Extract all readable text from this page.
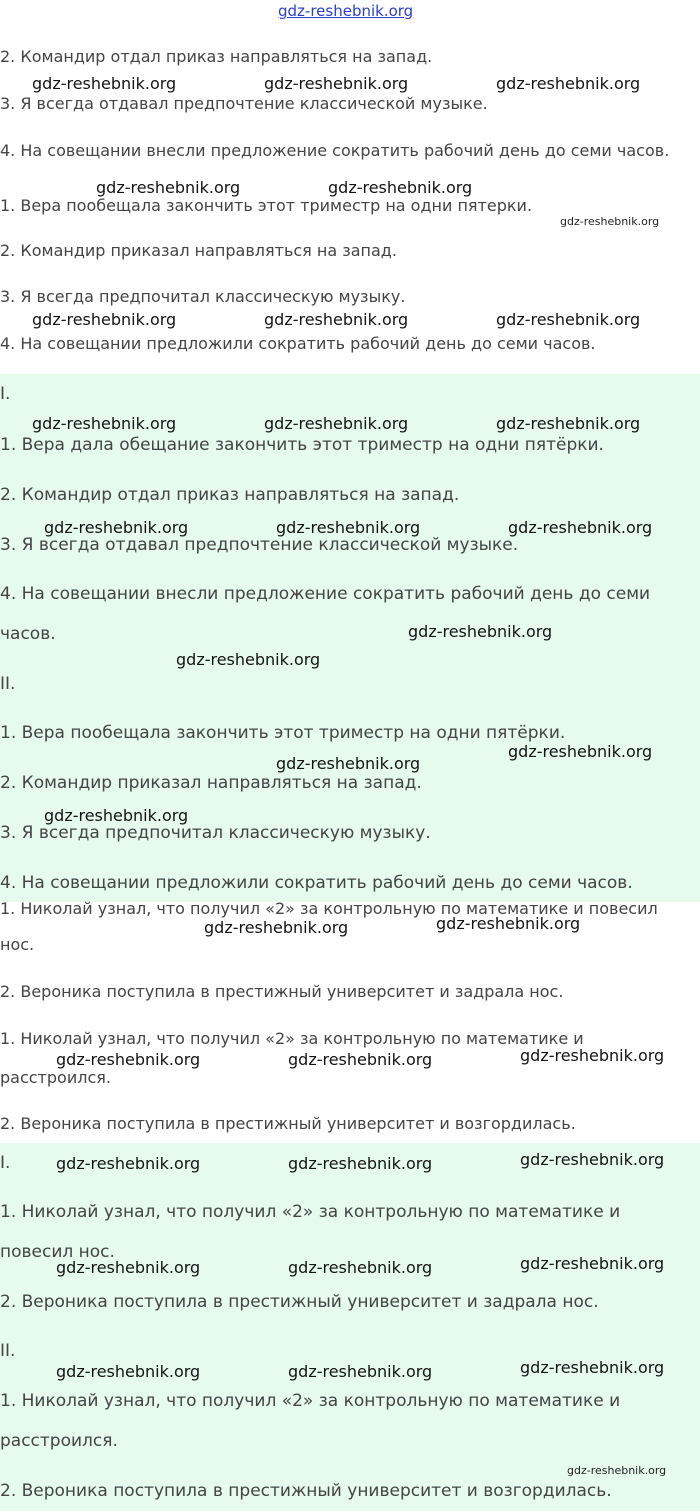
gdz-reshebnik.org
2. Командир отдал приказ направляться на запад.
3. Я всегда отдавал предпочтение классической музыке.
4. На совещании внесли предложение сократить рабочий день до семи часов.
1. Вера пообещала закончить этот триместр на одни пятерки.
2. Командир приказал направляться на запад.
3. Я всегда предпочитал классическую музыку.
4. На совещании предложили сократить рабочий день до семи часов.
I.
1. Вера дала обещание закончить этот триместр на одни пятёрки.
2. Командир отдал приказ направляться на запад.
3. Я всегда отдавал предпочтение классической музыке.
4. На совещании внесли предложение сократить рабочий день до семи
часов.
II.
1. Вера пообещала закончить этот триместр на одни пятёрки.
2. Командир приказал направляться на запад.
3. Я всегда предпочитал классическую музыку.
4. На совещании предложили сократить рабочий день до семи часов.
1. Николай узнал, что получил «2» за контрольную по математике и повесил
нос.
2. Вероника поступила в престижный университет и задрала нос.
1. Николай узнал, что получил «2» за контрольную по математике и
расстроился.
2. Вероника поступила в престижный университет и возгордилась.
I.
1. Николай узнал, что получил «2» за контрольную по математике и
повесил нос.
2. Вероника поступила в престижный университет и задрала нос.
II.
1. Николай узнал, что получил «2» за контрольную по математике и
расстроился.
2. Вероника поступила в престижный университет и возгордилась.
gdz-reshebnik.org	gdz-reshebnik.org	gdz-reshebnik.org
gdz-reshebnik.org	gdz-reshebnik.org
gdz-reshebnik.org
gdz-reshebnik.org	gdz-reshebnik.org	gdz-reshebnik.org
gdz-reshebnik.org	gdz-reshebnik.org	gdz-reshebnik.org
gdz-reshebnik.org	gdz-reshebnik.org	gdz-reshebnik.org
gdz-reshebnik.org
gdz-reshebnik.org
gdz-reshebnik.org
gdz-reshebnik.org
gdz-reshebnik.org
gdz-reshebnik.org
gdz-reshebnik.org
gdz-reshebnik.org
gdz-reshebnik.org	gdz-reshebnik.org
gdz-reshebnik.org
gdz-reshebnik.org	gdz-reshebnik.org
gdz-reshebnik.org
gdz-reshebnik.org	gdz-reshebnik.org
gdz-reshebnik.org
gdz-reshebnik.org	gdz-reshebnik.org
gdz-reshebnik.org
